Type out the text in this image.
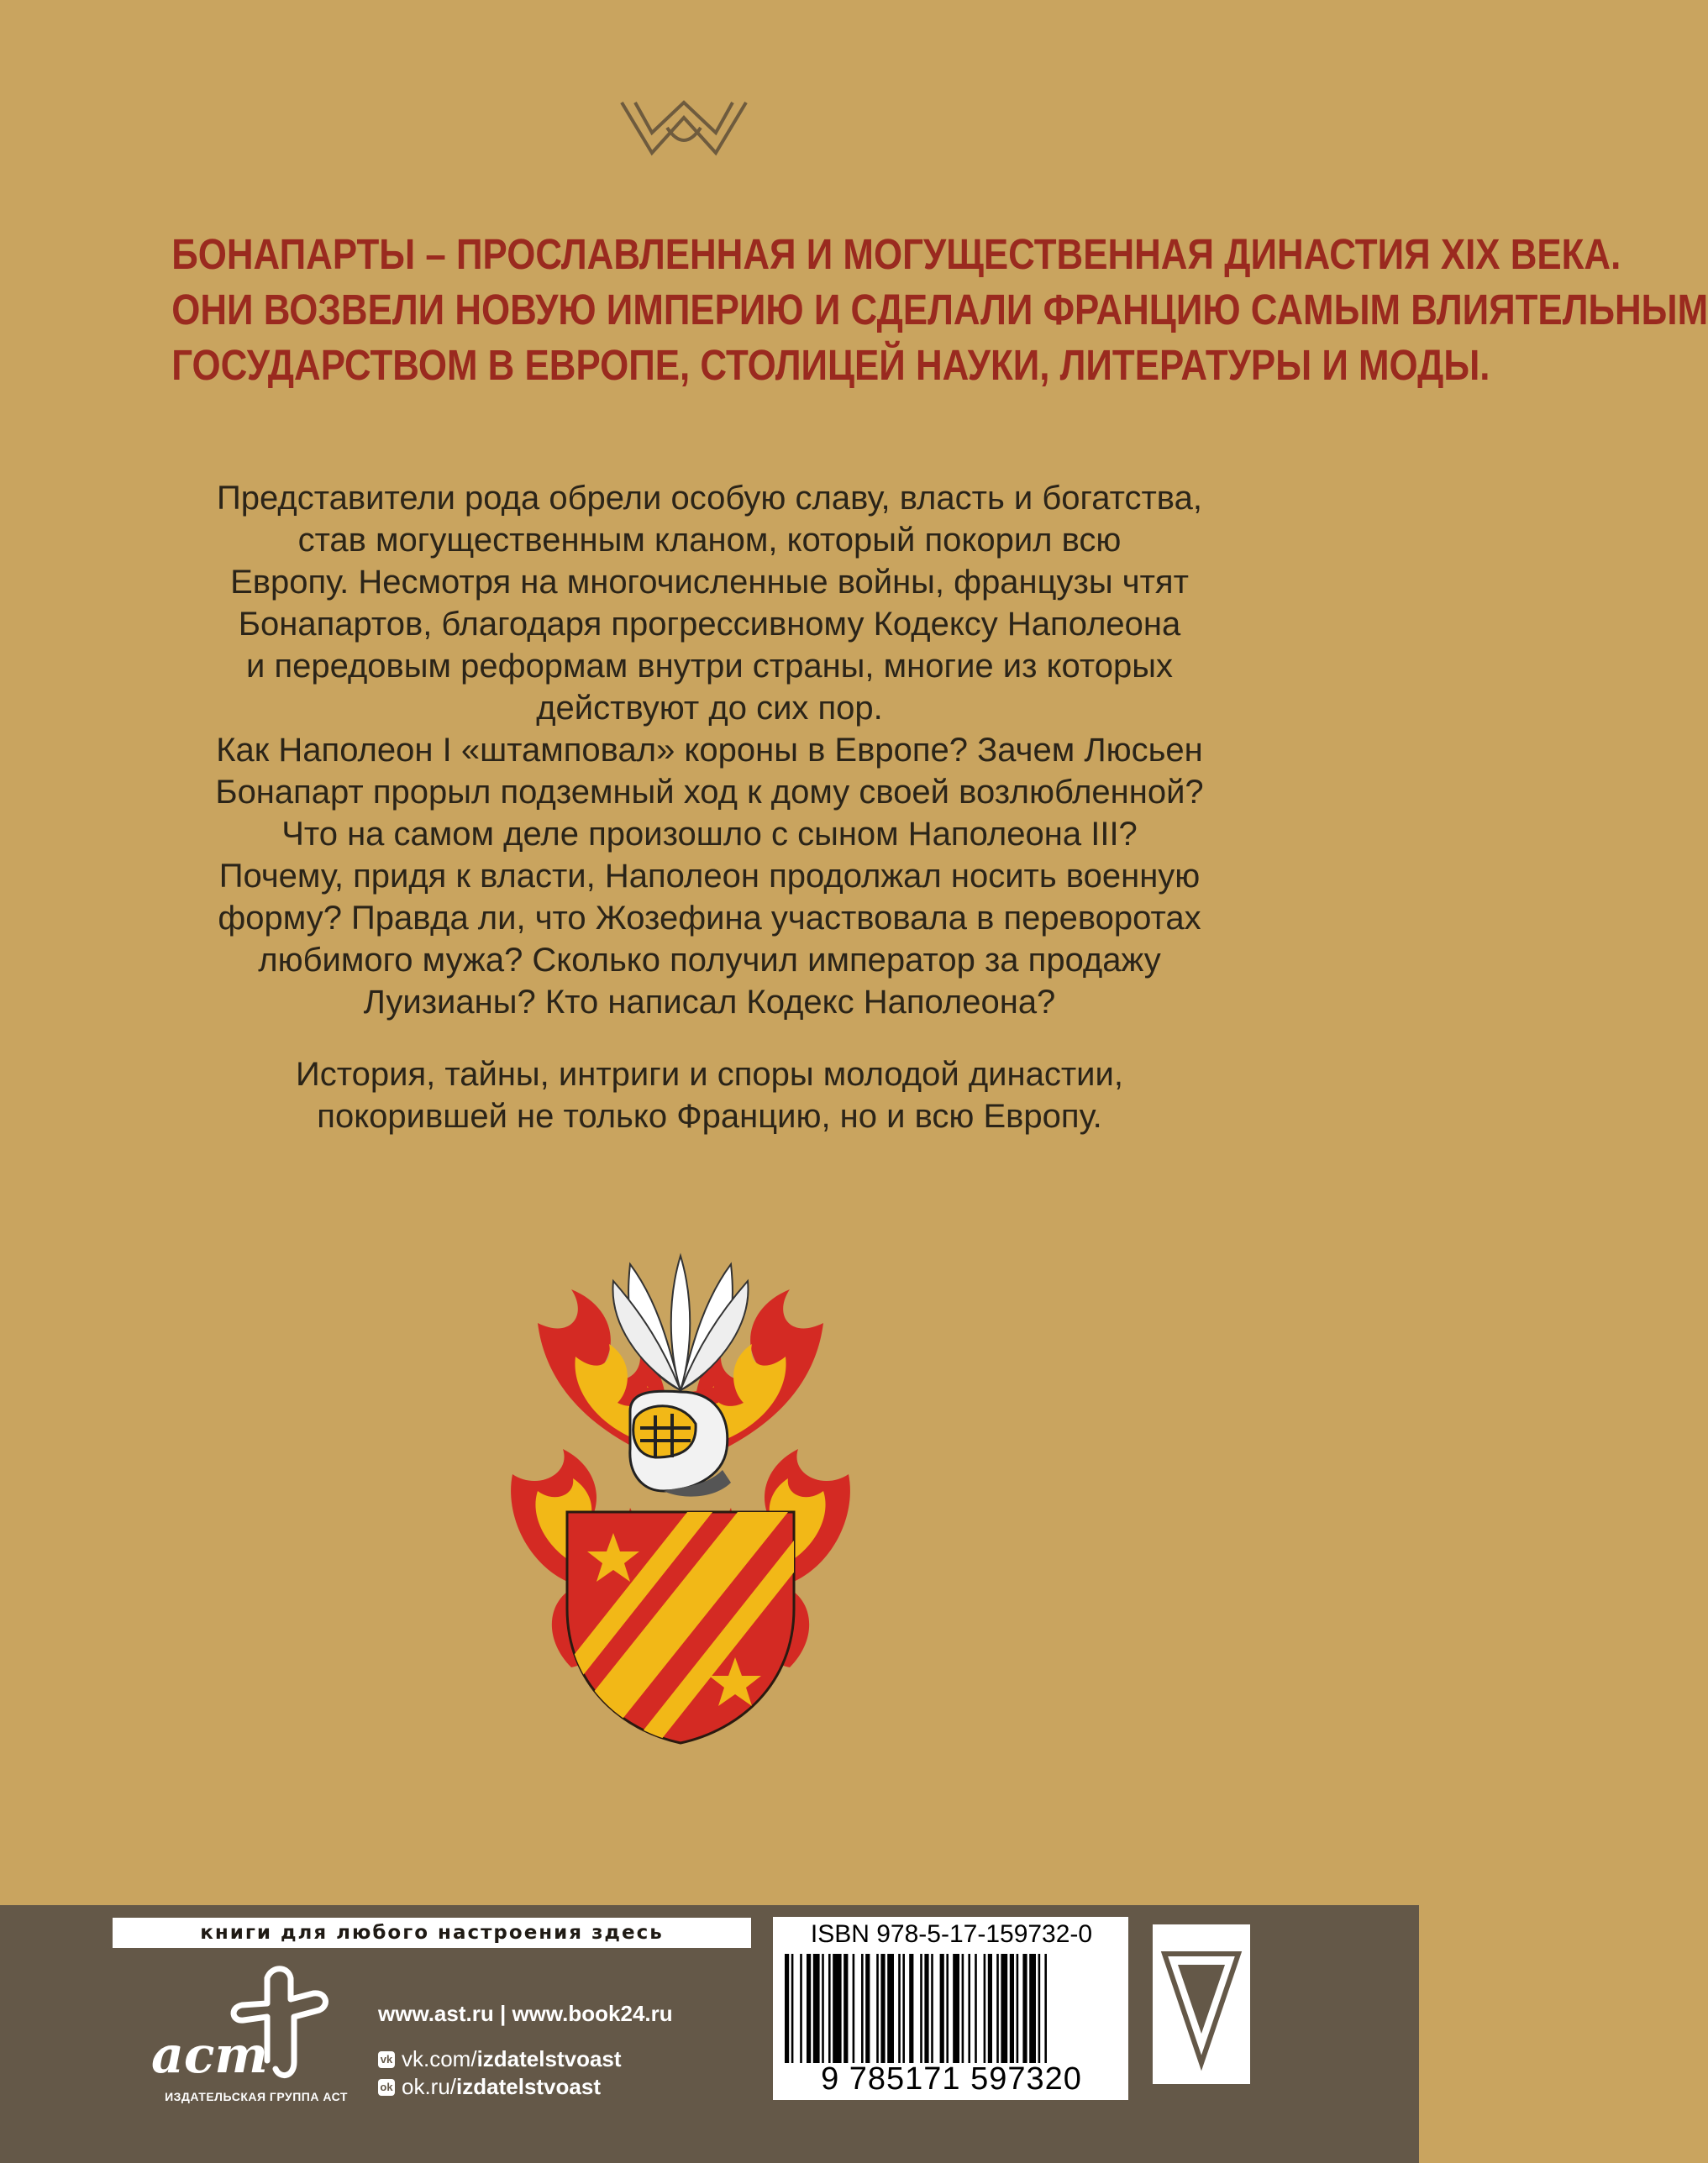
БОНАПАРТЫ – ПРОСЛАВЛЕННАЯ И МОГУЩЕСТВЕННАЯ ДИНАСТИЯ XIX ВЕКА.
ОНИ ВОЗВЕЛИ НОВУЮ ИМПЕРИЮ И СДЕЛАЛИ ФРАНЦИЮ САМЫМ ВЛИЯТЕЛЬНЫМ
ГОСУДАРСТВОМ В ЕВРОПЕ, СТОЛИЦЕЙ НАУКИ, ЛИТЕРАТУРЫ И МОДЫ.
Представители рода обрели особую славу, власть и богатства,
став могущественным кланом, который покорил всю
Европу. Несмотря на многочисленные войны, французы чтят
Бонапартов, благодаря прогрессивному Кодексу Наполеона
и передовым реформам внутри страны, многие из которых
действуют до сих пор.
Как Наполеон I «штамповал» короны в Европе? Зачем Люсьен
Бонапарт прорыл подземный ход к дому своей возлюбленной?
Что на самом деле произошло с сыном Наполеона III?
Почему, придя к власти, Наполеон продолжал носить военную
форму? Правда ли, что Жозефина участвовала в переворотах
любимого мужа? Сколько получил император за продажу
Луизианы? Кто написал Кодекс Наполеона?
История, тайны, интриги и споры молодой династии,
покорившей не только Францию, но и всю Европу.
книги для любого настроения здесь
аст
ИЗДАТЕЛЬСКАЯ ГРУППА АСТ
www.ast.ru | www.book24.ru
vk vk.com/ izdatelstvoast
ok ok.ru/ izdatelstvoast
ISBN 978-5-17-159732-0
9 785171 597320
